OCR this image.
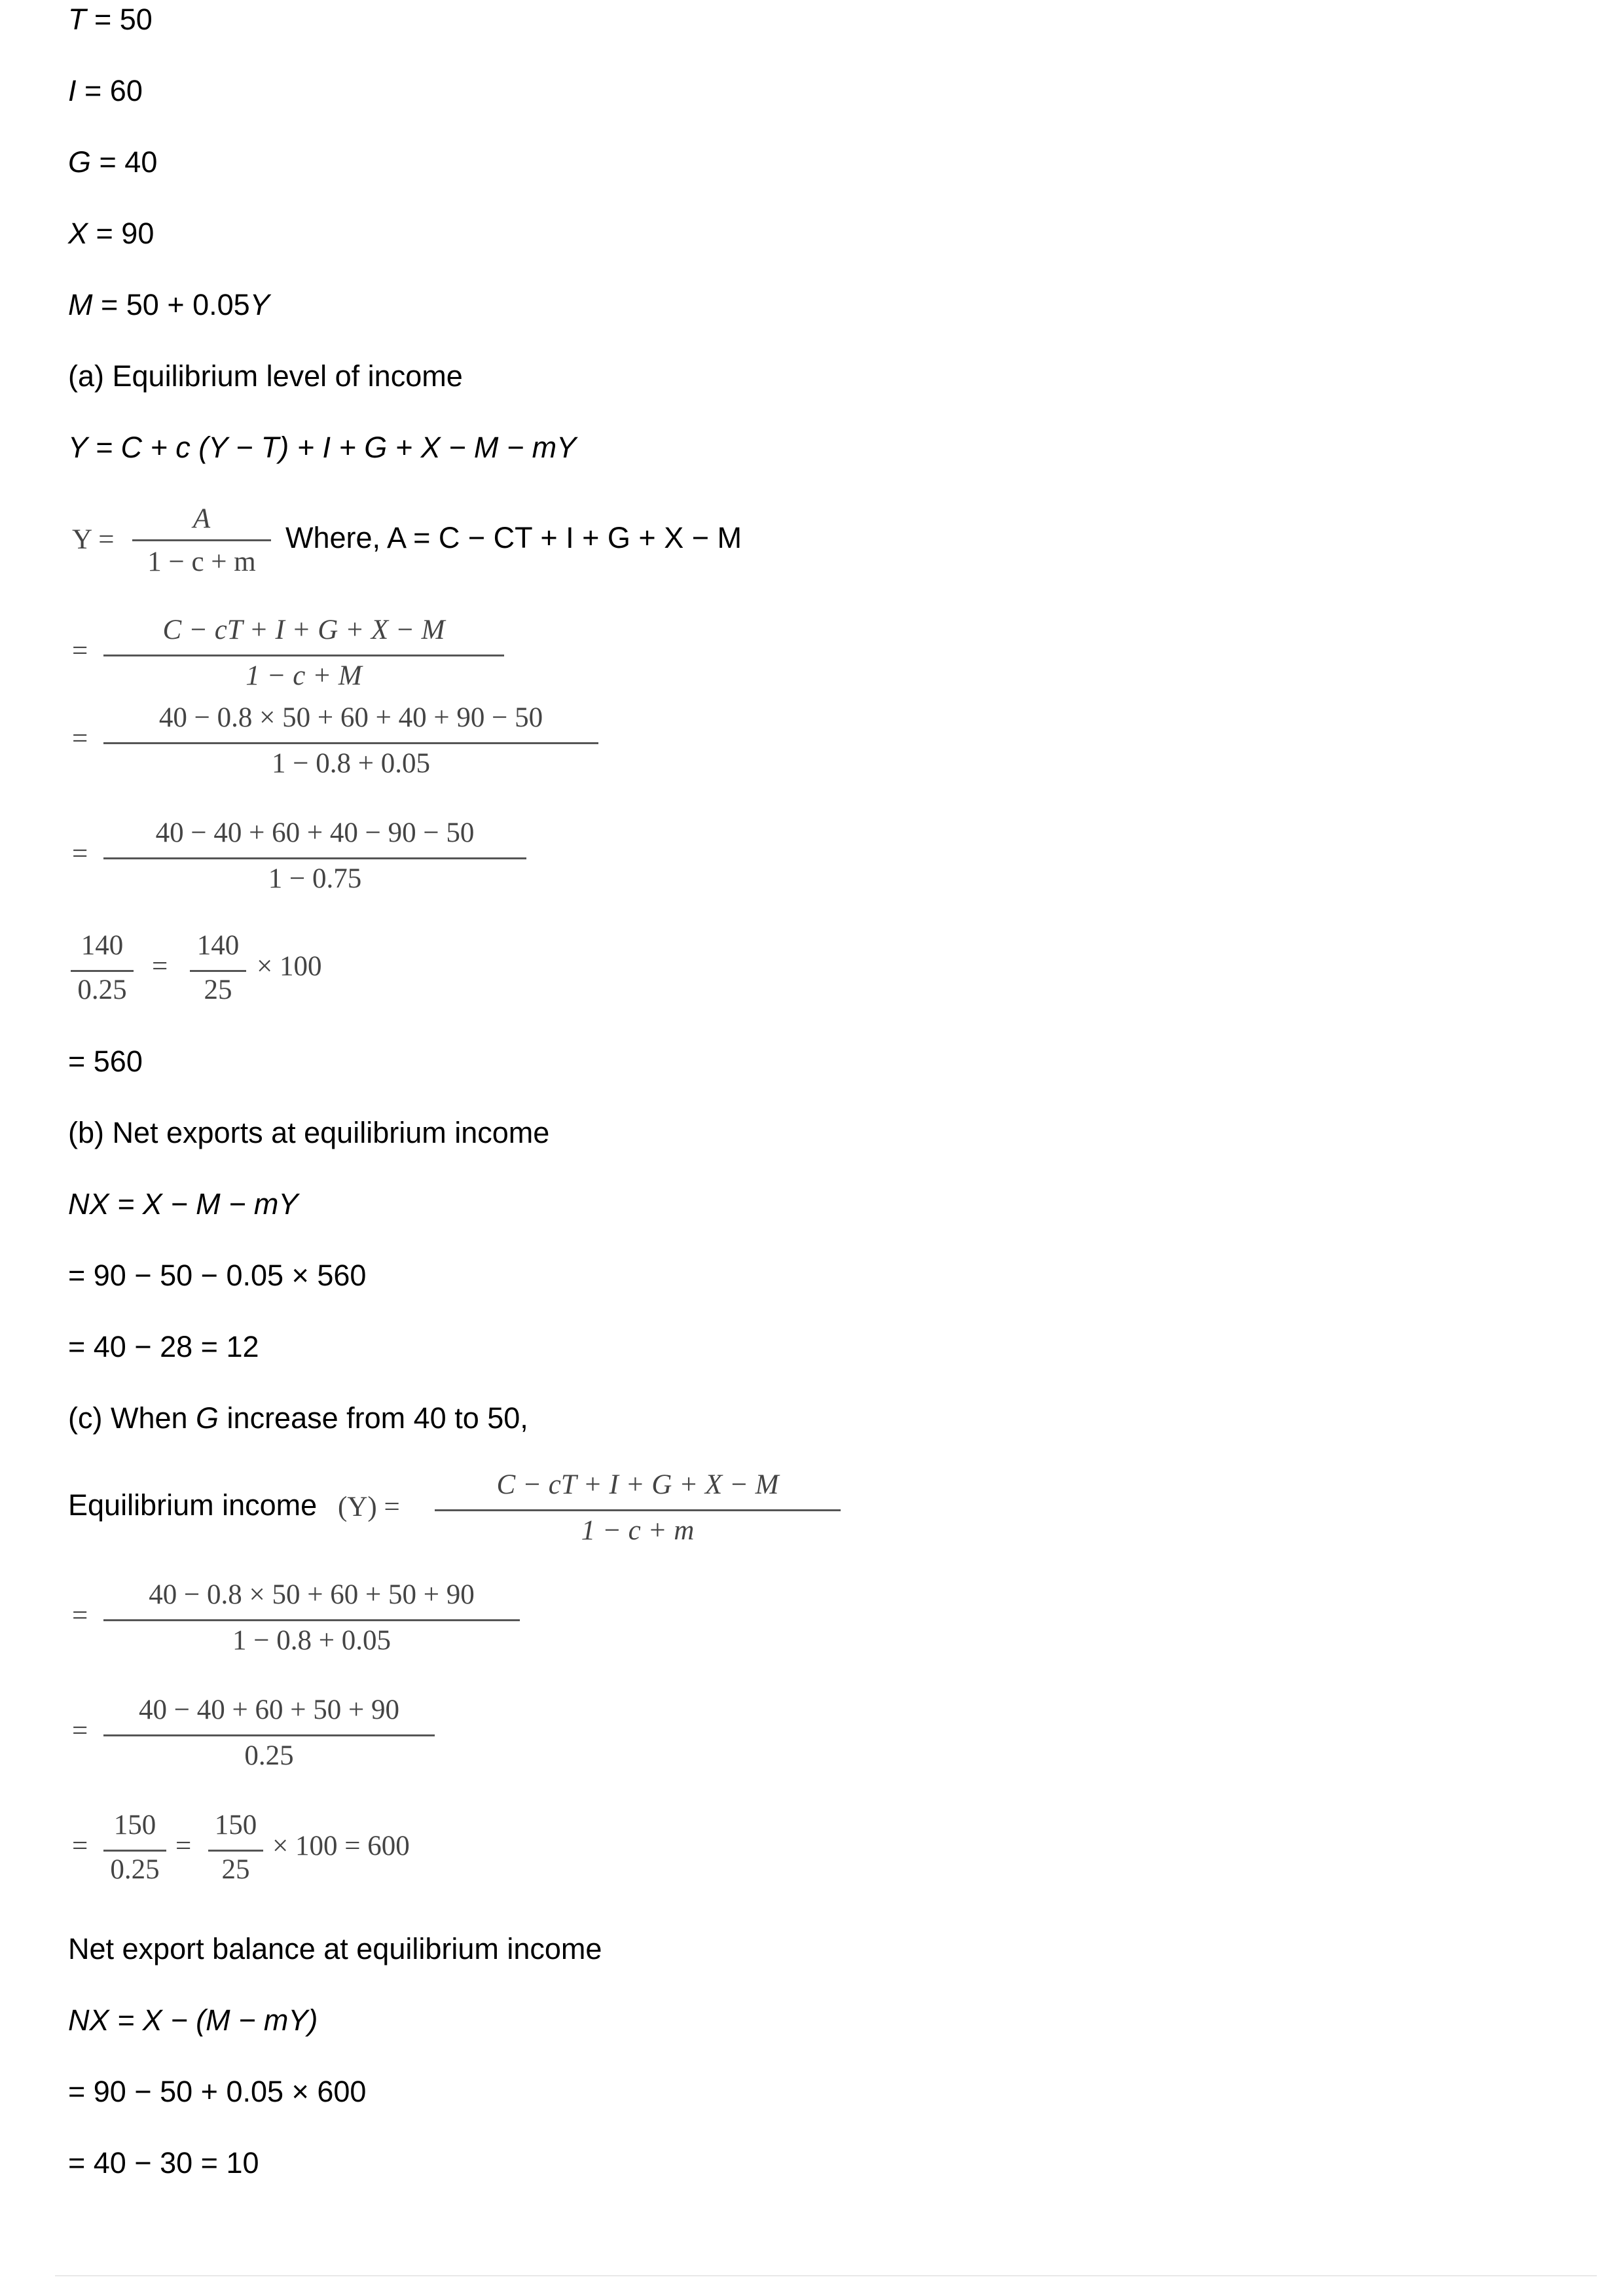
T = 50
I = 60
G = 40
X = 90
M = 50 + 0.05Y
(a) Equilibrium level of income
Y = C + c (Y − T) + I + G + X − M − mY
Y =
A
1 − c + m
Where, A = C − CT + I + G + X − M
=
C − cT + I + G + X − M
1 − c + M
=
40 − 0.8 × 50 + 60 + 40 + 90 − 50
1 − 0.8 + 0.05
=
40 − 40 + 60 + 40 − 90 − 50
1 − 0.75
140
0.25
=
140
25
× 100
= 560
(b) Net exports at equilibrium income
NX = X − M − mY
= 90 − 50 − 0.05 × 560
= 40 − 28 = 12
(c) When G increase from 40 to 50,
Equilibrium income (Y) =
C − cT + I + G + X − M
1 − c + m
=
40 − 0.8 × 50 + 60 + 50 + 90
1 − 0.8 + 0.05
=
40 − 40 + 60 + 50 + 90
0.25
=
150
0.25
=
150
25
× 100 = 600
Net export balance at equilibrium income
NX = X − (M − mY)
= 90 − 50 + 0.05 × 600
= 40 − 30 = 10
